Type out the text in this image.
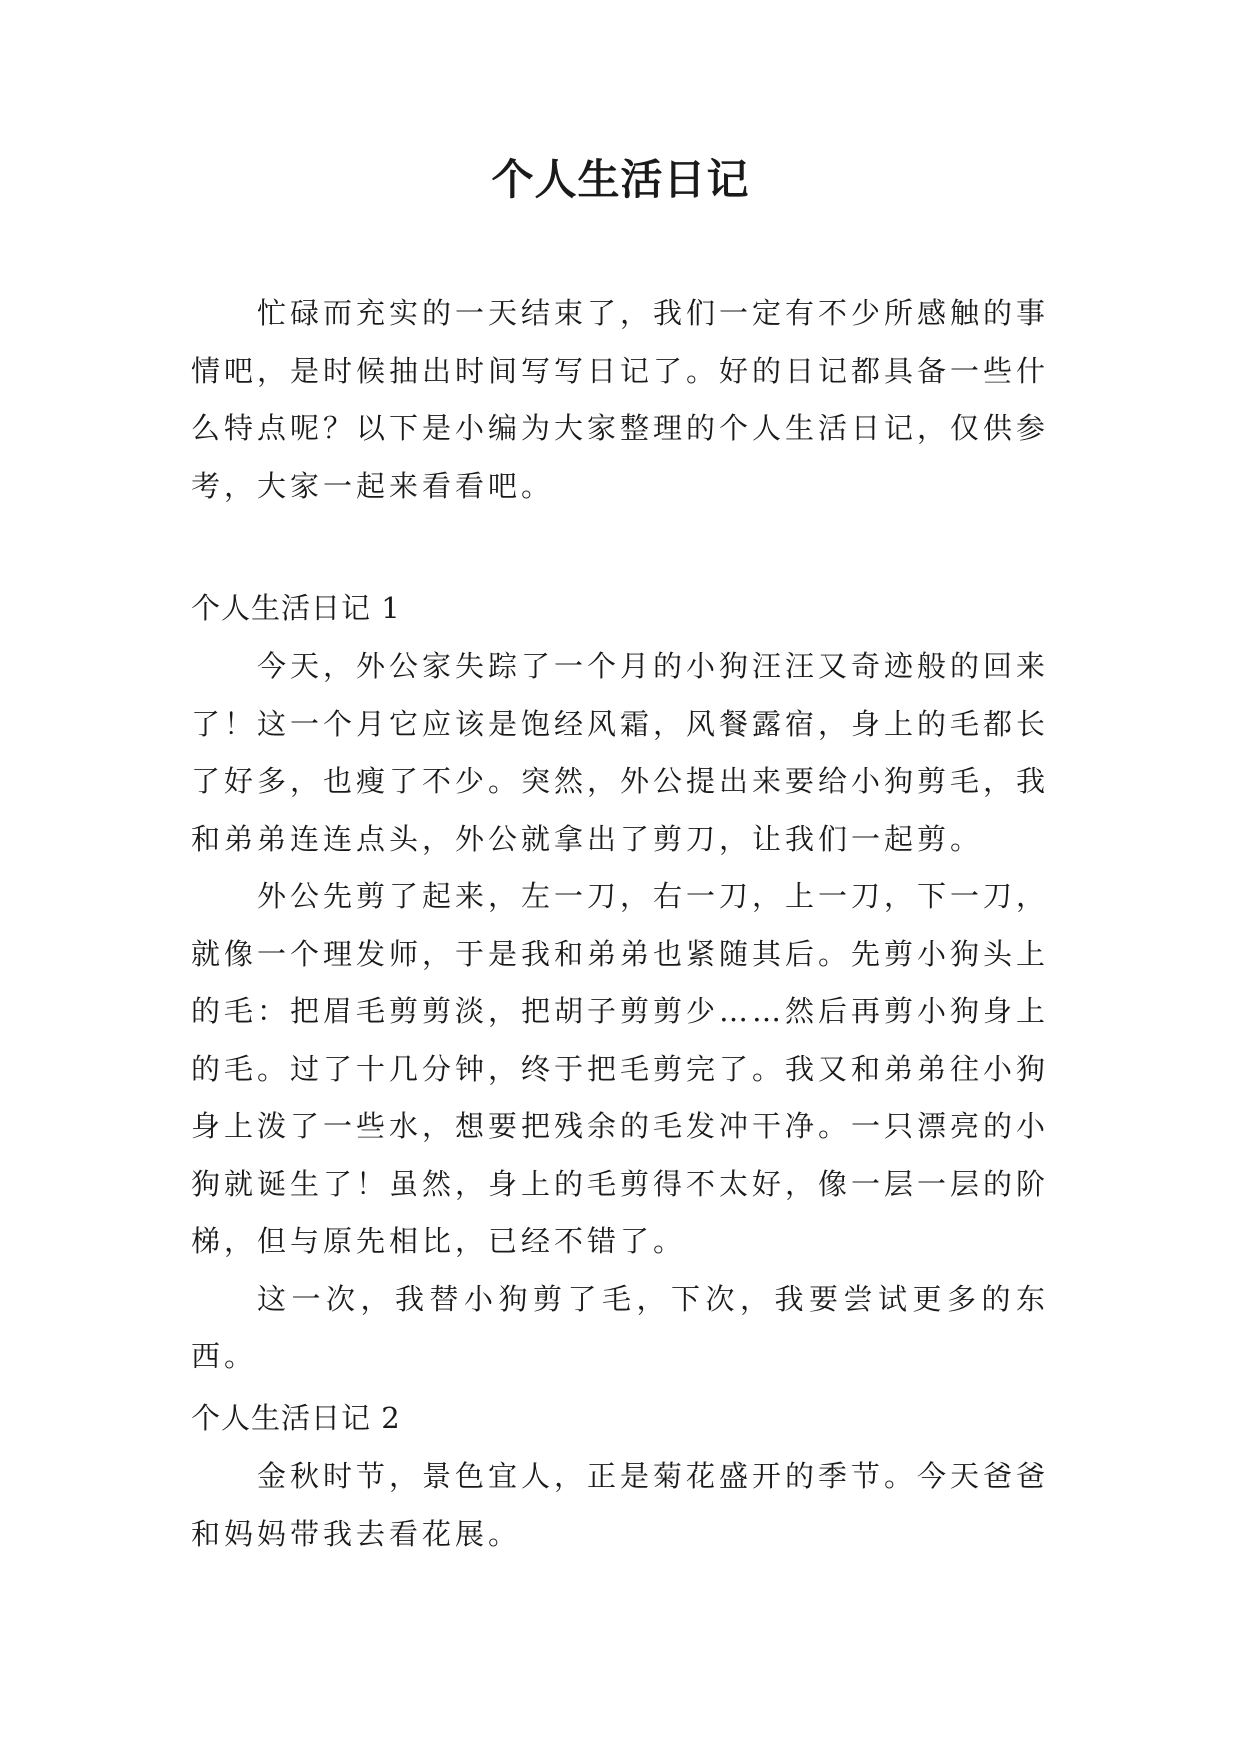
个人生活日记

忙碌而充实的一天结束了，我们一定有不少所感触的事情吧，是时候抽出时间写写日记了。好的日记都具备一些什么特点呢？以下是小编为大家整理的个人生活日记，仅供参考，大家一起来看看吧。

个人生活日记 1

今天，外公家失踪了一个月的小狗汪汪又奇迹般的回来了！这一个月它应该是饱经风霜，风餐露宿，身上的毛都长了好多，也瘦了不少。突然，外公提出来要给小狗剪毛，我和弟弟连连点头，外公就拿出了剪刀，让我们一起剪。

外公先剪了起来，左一刀，右一刀，上一刀，下一刀，就像一个理发师，于是我和弟弟也紧随其后。先剪小狗头上的毛：把眉毛剪剪淡，把胡子剪剪少……然后再剪小狗身上的毛。过了十几分钟，终于把毛剪完了。我又和弟弟往小狗身上泼了一些水，想要把残余的毛发冲干净。一只漂亮的小狗就诞生了！虽然，身上的毛剪得不太好，像一层一层的阶梯，但与原先相比，已经不错了。

这一次，我替小狗剪了毛，下次，我要尝试更多的东西。

个人生活日记 2

金秋时节，景色宜人，正是菊花盛开的季节。今天爸爸和妈妈带我去看花展。
